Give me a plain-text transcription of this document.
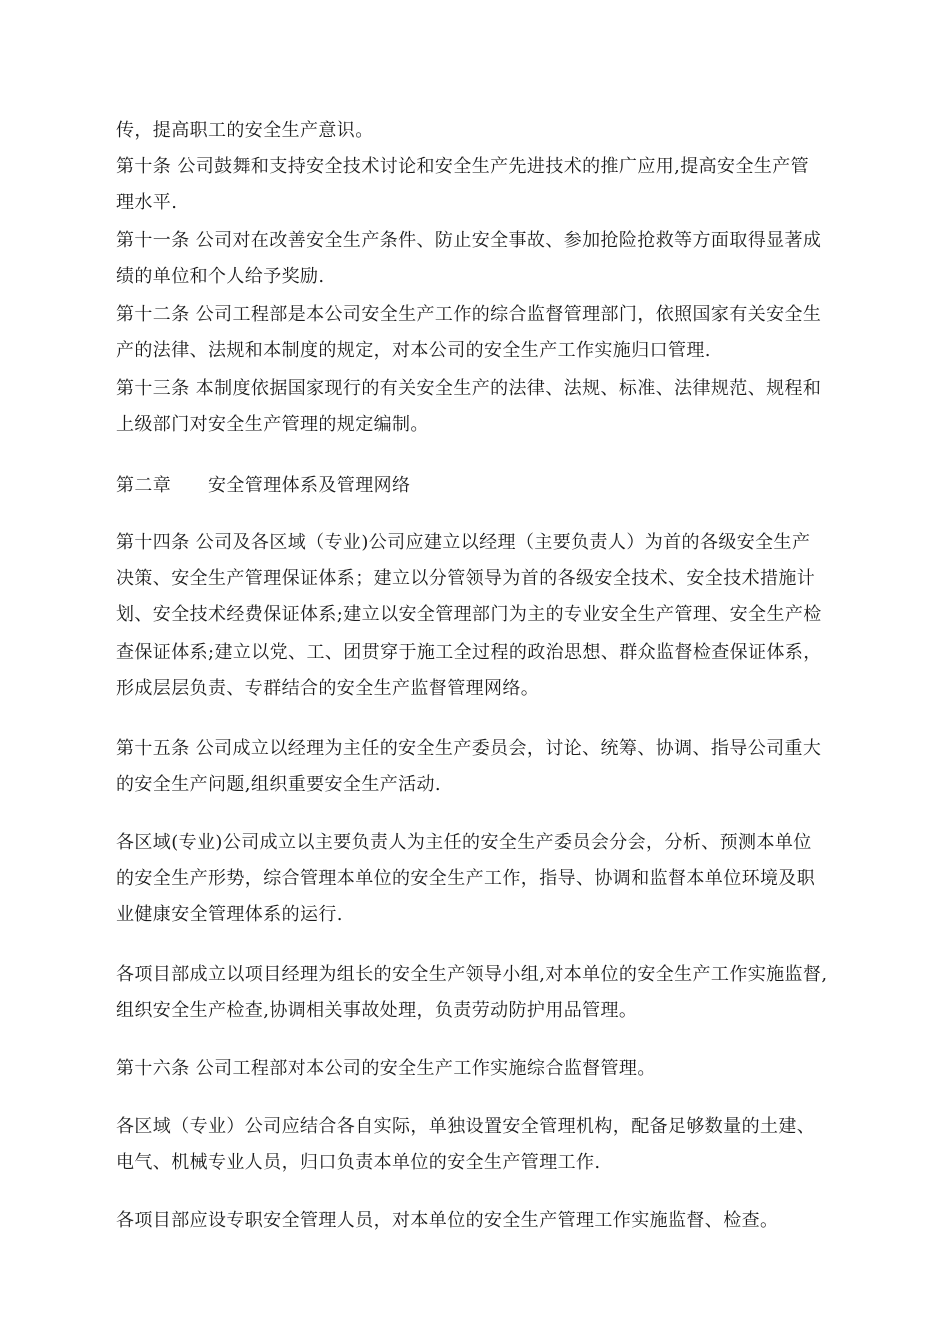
传，提高职工的安全生产意识。
第十条 公司鼓舞和支持安全技术讨论和安全生产先进技术的推广应用,提高安全生产管
理水平.
第十一条 公司对在改善安全生产条件、防止安全事故、参加抢险抢救等方面取得显著成
绩的单位和个人给予奖励.
第十二条 公司工程部是本公司安全生产工作的综合监督管理部门，依照国家有关安全生
产的法律、法规和本制度的规定，对本公司的安全生产工作实施归口管理.
第十三条 本制度依据国家现行的有关安全生产的法律、法规、标准、法律规范、规程和
上级部门对安全生产管理的规定编制。
第二章　　安全管理体系及管理网络
第十四条 公司及各区域（专业)公司应建立以经理（主要负责人）为首的各级安全生产
决策、安全生产管理保证体系；建立以分管领导为首的各级安全技术、安全技术措施计
划、安全技术经费保证体系;建立以安全管理部门为主的专业安全生产管理、安全生产检
查保证体系;建立以党、工、团贯穿于施工全过程的政治思想、群众监督检查保证体系，
形成层层负责、专群结合的安全生产监督管理网络。
第十五条 公司成立以经理为主任的安全生产委员会，讨论、统筹、协调、指导公司重大
的安全生产问题,组织重要安全生产活动.
各区域(专业)公司成立以主要负责人为主任的安全生产委员会分会，分析、预测本单位
的安全生产形势，综合管理本单位的安全生产工作，指导、协调和监督本单位环境及职
业健康安全管理体系的运行.
各项目部成立以项目经理为组长的安全生产领导小组,对本单位的安全生产工作实施监督,
组织安全生产检查,协调相关事故处理，负责劳动防护用品管理。
第十六条 公司工程部对本公司的安全生产工作实施综合监督管理。
各区域（专业）公司应结合各自实际，单独设置安全管理机构，配备足够数量的土建、
电气、机械专业人员，归口负责本单位的安全生产管理工作.
各项目部应设专职安全管理人员，对本单位的安全生产管理工作实施监督、检查。
